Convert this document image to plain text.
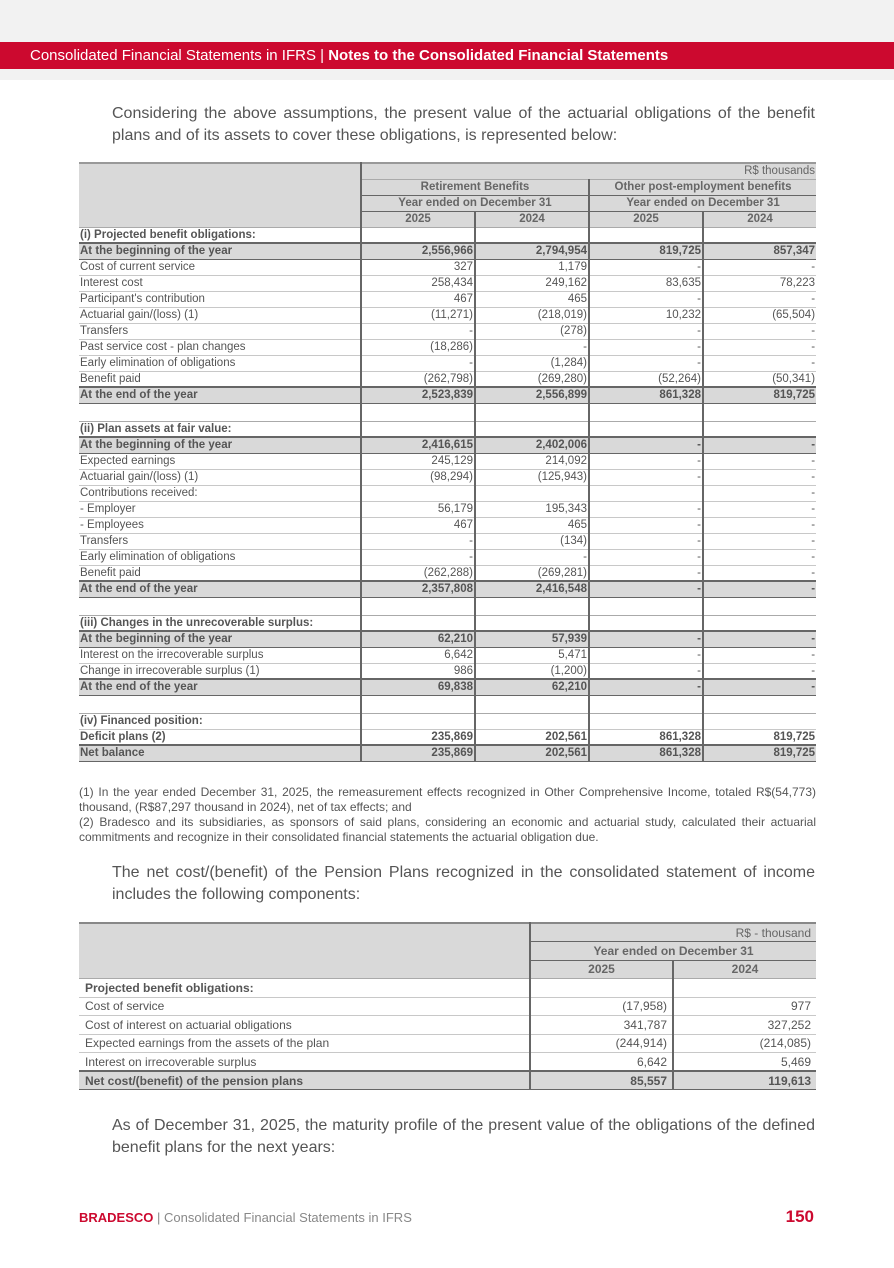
Consolidated Financial Statements in IFRS | Notes to the Consolidated Financial Statements

Considering the above assumptions, the present value of the actuarial obligations of the benefit plans and of its assets to cover these obligations, is represented below:

	R$ thousands			
	Retirement Benefits		Other post-employment benefits	
	Year ended on December 31		Year ended on December 31	
	2025	2024	2025	2024
(i) Projected benefit obligations:				
At the beginning of the year	2,556,966	2,794,954	819,725	857,347
Cost of current service	327	1,179	-	-
Interest cost	258,434	249,162	83,635	78,223
Participant's contribution	467	465	-	-
Actuarial gain/(loss) (1)	(11,271)	(218,019)	10,232	(65,504)
Transfers	-	(278)	-	-
Past service cost - plan changes	(18,286)	-	-	-
Early elimination of obligations	-	(1,284)	-	-
Benefit paid	(262,798)	(269,280)	(52,264)	(50,341)
At the end of the year	2,523,839	2,556,899	861,328	819,725

(ii) Plan assets at fair value:				
At the beginning of the year	2,416,615	2,402,006	-	-
Expected earnings	245,129	214,092	-	-
Actuarial gain/(loss) (1)	(98,294)	(125,943)	-	-
Contributions received:				-
- Employer	56,179	195,343	-	-
- Employees	467	465	-	-
Transfers	-	(134)	-	-
Early elimination of obligations	-	-	-	-
Benefit paid	(262,288)	(269,281)	-	-
At the end of the year	2,357,808	2,416,548	-	-

(iii) Changes in the unrecoverable surplus:				
At the beginning of the year	62,210	57,939	-	-
Interest on the irrecoverable surplus	6,642	5,471	-	-
Change in irrecoverable surplus (1)	986	(1,200)	-	-
At the end of the year	69,838	62,210	-	-

(iv) Financed position:				
Deficit plans (2)	235,869	202,561	861,328	819,725
Net balance	235,869	202,561	861,328	819,725

(1) In the year ended December 31, 2025, the remeasurement effects recognized in Other Comprehensive Income, totaled R$(54,773) thousand, (R$87,297 thousand in 2024), net of tax effects; and

(2) Bradesco and its subsidiaries, as sponsors of said plans, considering an economic and actuarial study, calculated their actuarial commitments and recognize in their consolidated financial statements the actuarial obligation due.

The net cost/(benefit) of the Pension Plans recognized in the consolidated statement of income includes the following components:

	R$ - thousand	
	Year ended on December 31	
	2025	2024
Projected benefit obligations:		
Cost of service	(17,958)	977
Cost of interest on actuarial obligations	341,787	327,252
Expected earnings from the assets of the plan	(244,914)	(214,085)
Interest on irrecoverable surplus	6,642	5,469
Net cost/(benefit) of the pension plans	85,557	119,613

As of December 31, 2025, the maturity profile of the present value of the obligations of the defined benefit plans for the next years:

BRADESCO | Consolidated Financial Statements in IFRS	150
